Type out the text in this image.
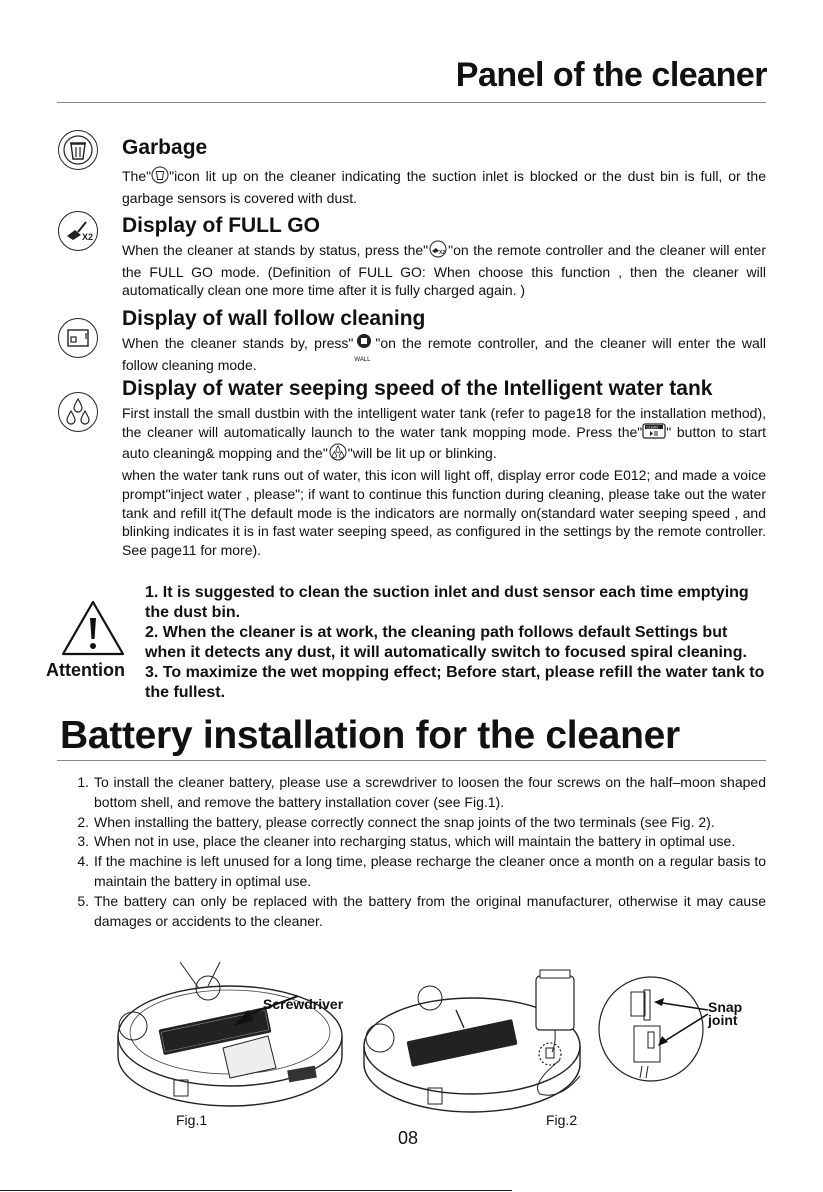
Panel of the cleaner
Garbage
The" "icon lit up on the cleaner indicating the suction inlet is blocked or the dust bin is full, or the garbage sensors is covered with dust.
X2 Display of FULL GO
When the cleaner at stands by status, press the" X2 "on the remote controller and the cleaner will enter the FULL GO mode. (Definition of FULL GO: When choose this function , then the cleaner will automatically clean one more time after it is fully charged again. )
Display of wall follow cleaning
When the cleaner stands by, press"
WALL
"on the remote controller, and the cleaner will enter the wall follow cleaning mode.
Display of water seeping speed of the Intelligent water tank
First install the small dustbin with the intelligent water tank (refer to page18 for the installation method), the cleaner will automatically launch to the water tank mopping mode. Press the" CLEAN " button to start auto cleaning& mopping and the" "will be lit up or blinking.
when the water tank runs out of water, this icon will light off, display error code E012; and made a voice prompt"inject water , please"; if want to continue this function during cleaning, please take out the water tank and refill it(The default mode is the indicators are normally on(standard water seeping speed , and blinking indicates it is in fast water seeping speed, as configured in the settings by the remote controller. See page11 for more).
Attention
1. It is suggested to clean the suction inlet and dust sensor each time emptying the dust bin.
2. When the cleaner is at work, the cleaning path follows default Settings but when it detects any dust, it will automatically switch to focused spiral cleaning.
3. To maximize the wet mopping effect; Before start, please refill the water tank to the fullest.
Battery installation for the cleaner
1. To install the cleaner battery, please use a screwdriver to loosen the four screws on the half–moon shaped bottom shell, and remove the battery installation cover (see Fig.1).
2. When installing the battery, please correctly connect the snap joints of the two terminals (see Fig. 2).
3. When not in use, place the cleaner into recharging status, which will maintain the battery in optimal use.
4. If the machine is left unused for a long time, please recharge the cleaner once a month on a regular basis to maintain the battery in optimal use.
5. The battery can only be replaced with the battery from the original manufacturer, otherwise it may cause damages or accidents to the cleaner.
Screwdriver
Fig.1
Snap
joint
Fig.2
08
